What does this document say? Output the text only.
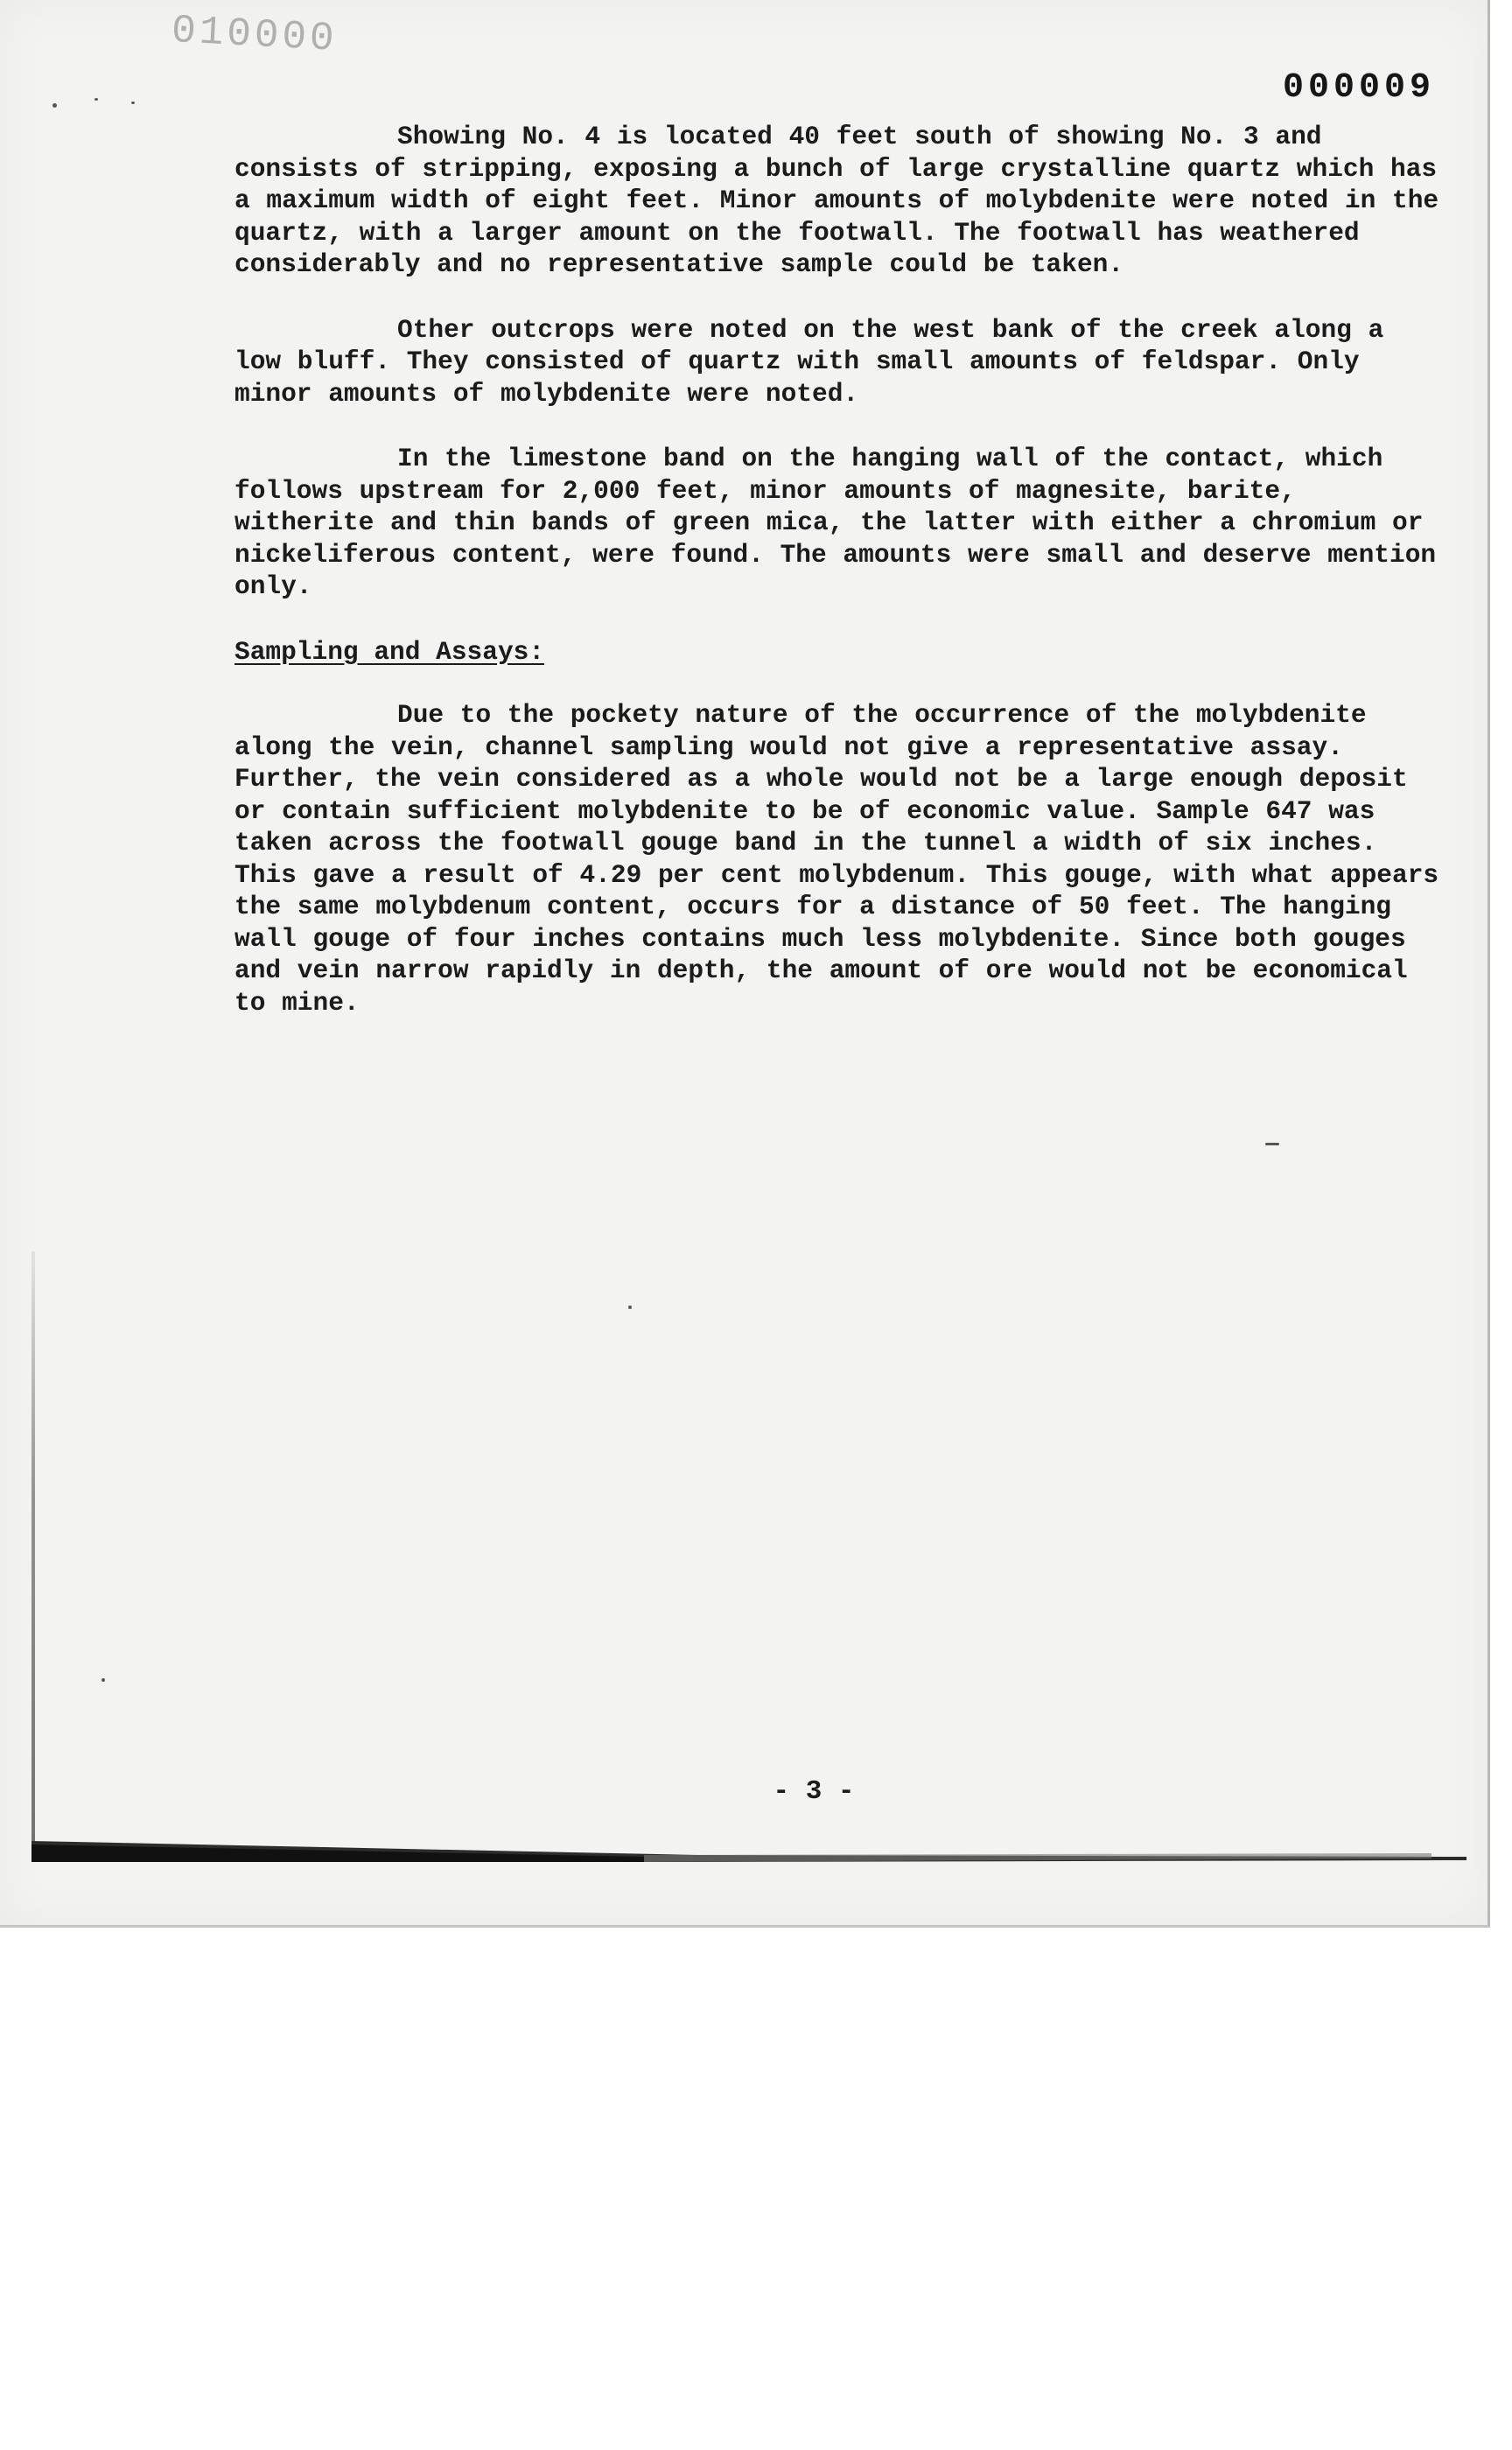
010000
000009

Showing No. 4 is located 40 feet south of showing No. 3 and consists of stripping, exposing a bunch of large crystalline quartz which has a maximum width of eight feet. Minor amounts of molybdenite were noted in the quartz, with a larger amount on the footwall. The footwall has weathered considerably and no representative sample could be taken.

Other outcrops were noted on the west bank of the creek along a low bluff. They consisted of quartz with small amounts of feldspar. Only minor amounts of molybdenite were noted.

In the limestone band on the hanging wall of the contact, which follows upstream for 2,000 feet, minor amounts of magnesite, barite, witherite and thin bands of green mica, the latter with either a chromium or nickeliferous content, were found. The amounts were small and deserve mention only.

Sampling and Assays:

Due to the pockety nature of the occurrence of the molybdenite along the vein, channel sampling would not give a representative assay. Further, the vein considered as a whole would not be a large enough deposit or contain sufficient molybdenite to be of economic value. Sample 647 was taken across the footwall gouge band in the tunnel a width of six inches. This gave a result of 4.29 per cent molybdenum. This gouge, with what appears the same molybdenum content, occurs for a distance of 50 feet. The hanging wall gouge of four inches contains much less molybdenite. Since both gouges and vein narrow rapidly in depth, the amount of ore would not be economical to mine.

- 3 -
